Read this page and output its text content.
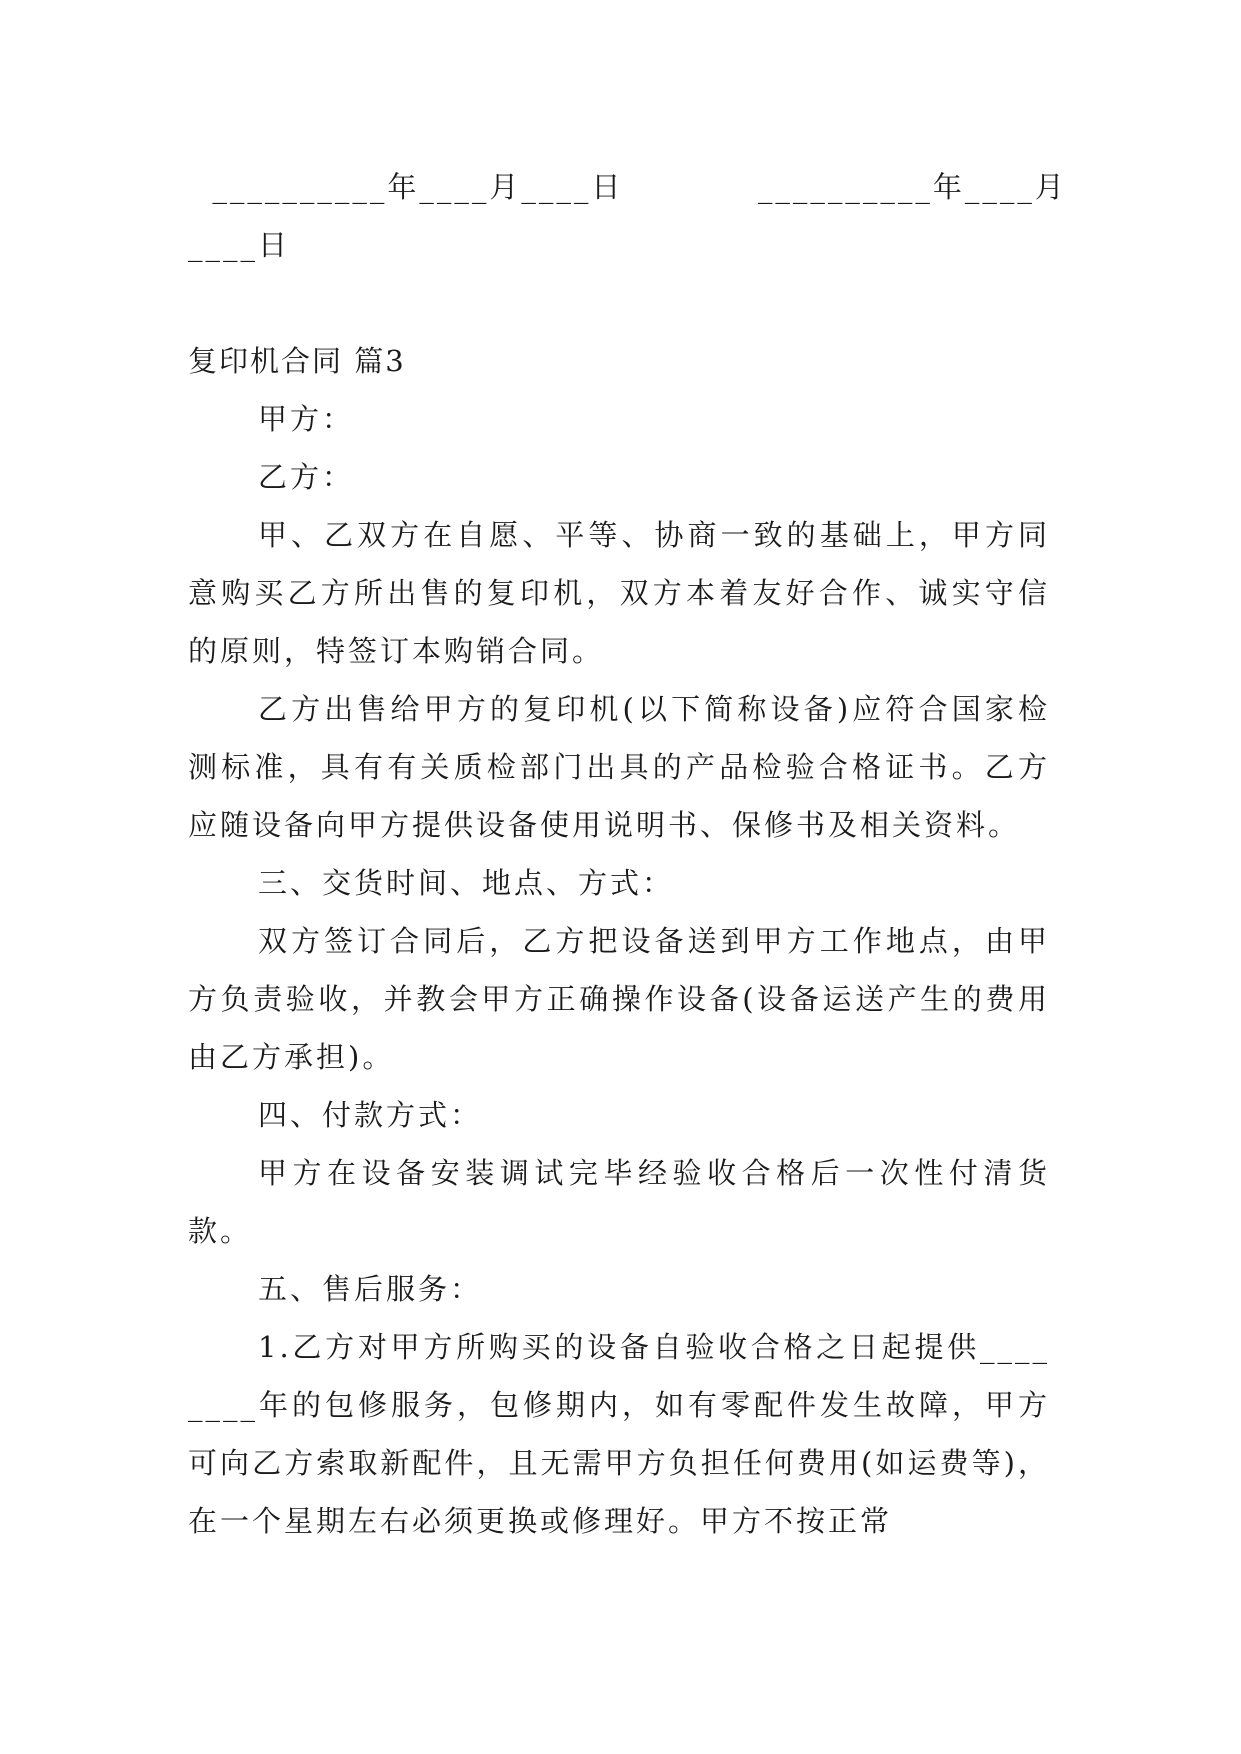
__________年____月____日           __________年____月

____日

复印机合同 篇3

甲方：

乙方：

甲、乙双方在自愿、平等、协商一致的基础上，甲方同意购买乙方所出售的复印机，双方本着友好合作、诚实守信的原则，特签订本购销合同。

乙方出售给甲方的复印机(以下简称设备)应符合国家检测标准，具有有关质检部门出具的产品检验合格证书。乙方应随设备向甲方提供设备使用说明书、保修书及相关资料。

三、交货时间、地点、方式：

双方签订合同后，乙方把设备送到甲方工作地点，由甲方负责验收，并教会甲方正确操作设备(设备运送产生的费用由乙方承担)。

四、付款方式：

甲方在设备安装调试完毕经验收合格后一次性付清货款。

五、售后服务：

1.乙方对甲方所购买的设备自验收合格之日起提供________年的包修服务，包修期内，如有零配件发生故障，甲方可向乙方索取新配件，且无需甲方负担任何费用(如运费等)，在一个星期左右必须更换或修理好。甲方不按正常
